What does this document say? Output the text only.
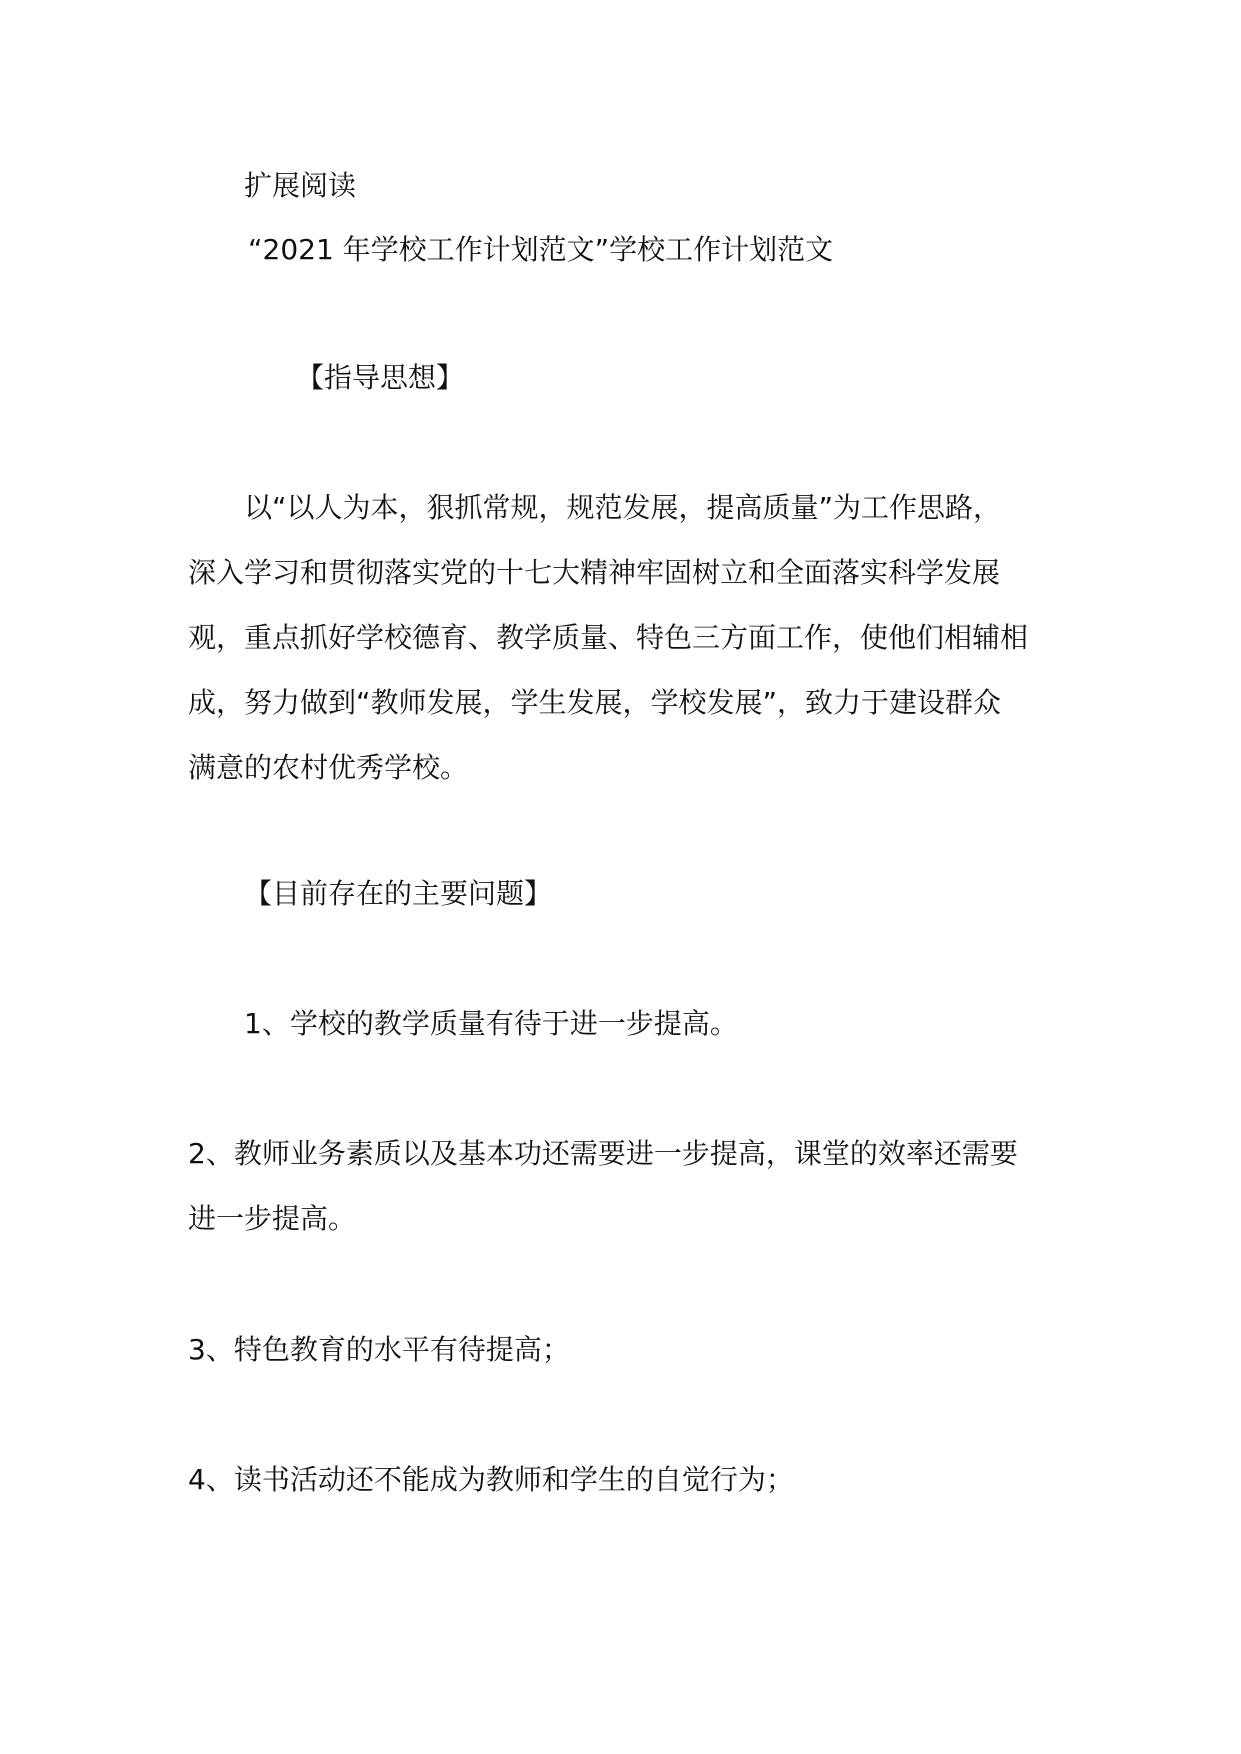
扩展阅读
“2021 年学校工作计划范文”学校工作计划范文
【指导思想】
以“以人为本，狠抓常规，规范发展，提高质量”为工作思路，
深入学习和贯彻落实党的十七大精神牢固树立和全面落实科学发展
观，重点抓好学校德育、教学质量、特色三方面工作，使他们相辅相
成，努力做到“教师发展，学生发展，学校发展”，致力于建设群众
满意的农村优秀学校。
【目前存在的主要问题】
1、学校的教学质量有待于进一步提高。
2、教师业务素质以及基本功还需要进一步提高，课堂的效率还需要
进一步提高。
3、特色教育的水平有待提高；
4、读书活动还不能成为教师和学生的自觉行为；
